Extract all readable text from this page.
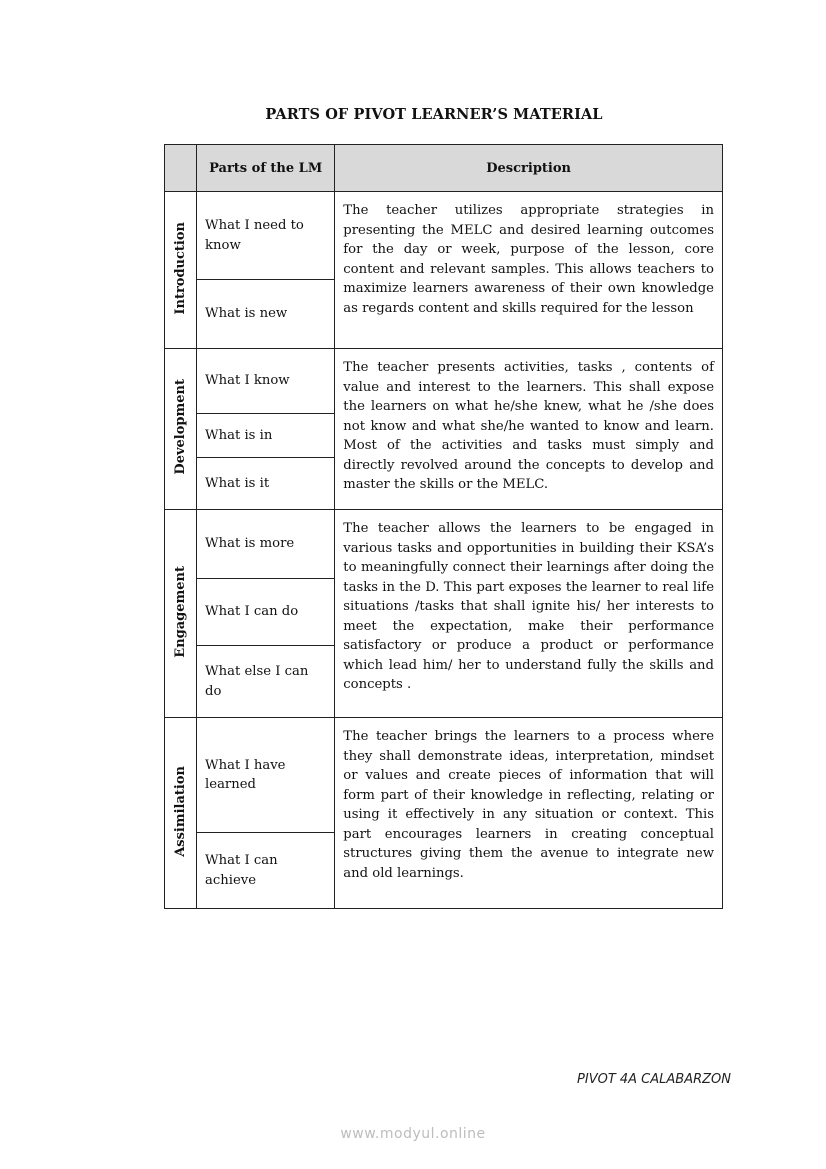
PARTS OF PIVOT LEARNER’S MATERIAL
	Parts of the LM	Description
Introduction	What I need to know	The teacher utilizes appropriate strategies in presenting the MELC and desired learning outcomes for the day or week, purpose of the lesson, core content and relevant samples. This allows teachers to maximize learners awareness of their own knowledge as regards content and skills required for the lesson
	What is new	
Development	What I know	The teacher presents activities, tasks , contents of value and interest to the learners. This shall expose the learners on what he/she knew, what he /she does not know and what she/he wanted to know and learn. Most of the activities and tasks must simply and directly revolved around the concepts to develop and master the skills or the MELC.
	What is in	
	What is it	
Engagement	What is more	The teacher allows the learners to be engaged in various tasks and opportunities in building their KSA’s to meaningfully connect their learnings after doing the tasks in the D. This part exposes the learner to real life situations /tasks that shall ignite his/ her interests to meet the expectation, make their performance satisfactory or produce a product or performance which lead him/ her to understand fully the skills and concepts .
	What I can do	
	What else I can do	
Assimilation	What I have learned	The teacher brings the learners to a process where they shall demonstrate ideas, interpretation, mindset or values and create pieces of information that will form part of their knowledge in reflecting, relating or using it effectively in any situation or context. This part encourages learners in creating conceptual structures giving them the avenue to integrate new and old learnings.
	What I can achieve	
PIVOT 4A CALABARZON
www.modyul.online
